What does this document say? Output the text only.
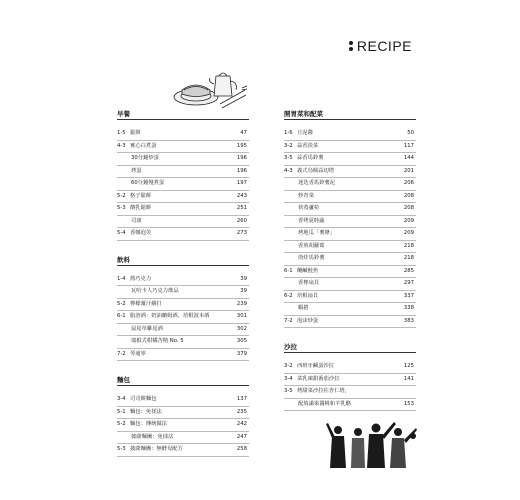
RECIPE
早餐
1-5 鬆餅	47
4-3 實心白煮蛋	195
30分鐘炒蛋	196
烤蛋	196
60分鐘慢煮蛋	197
5-2 格子鬆餅	243
5-3 酪乳鬆餅	251
司康	260
5-4 香娜泡芙	273
飲料
1-4 熱巧克力	39
瓦哈卡人巧克力飲品	39
5-2 檸檬薑汁蘇打	239
6-1 脂溶酒：奶油蘭姆酒，培根波本酒	301
鼠尾草雞尾酒	302
瑞根式柑橘苦精 No. 5	305
7-2 琴通寧	379
麵包
3-4 司司餅麵包	137
5-1 麵包：免揉法	235
5-2 麵包：傳統做法	242
披薩麵團：免揉法	247
5-3 披薩麵團：無酵母配方	258
開胃菜和配菜
1-6 豆泥醬	50
3-2 蒜香淡菜	117
3-5 蒜香馬鈴薯	144
4-3 義式烏賊蒜切塔	201
迷迭香馬鈴薯泥	206
炒青菜	208
快蒸蘆筍	208
香烤夏時蔬	209
烤地瓜「薯條」	209
香煎胡蘿蔔	218
煎炸馬鈴薯	218
6-1 醃鹹鮭魚	285
香檸扇貝	297
6-2 培根扇貝	337
蝦捲	338
7-2 泡沫炒蛋	383
沙拉
3-2 西班牙鹹蛋沙拉	125
3-4 菜乳凍甜番茄沙拉	141
3-5 烤甜菜沙拉佐杏仁塔，
配填滿果醬桃和羊乳酪	153
